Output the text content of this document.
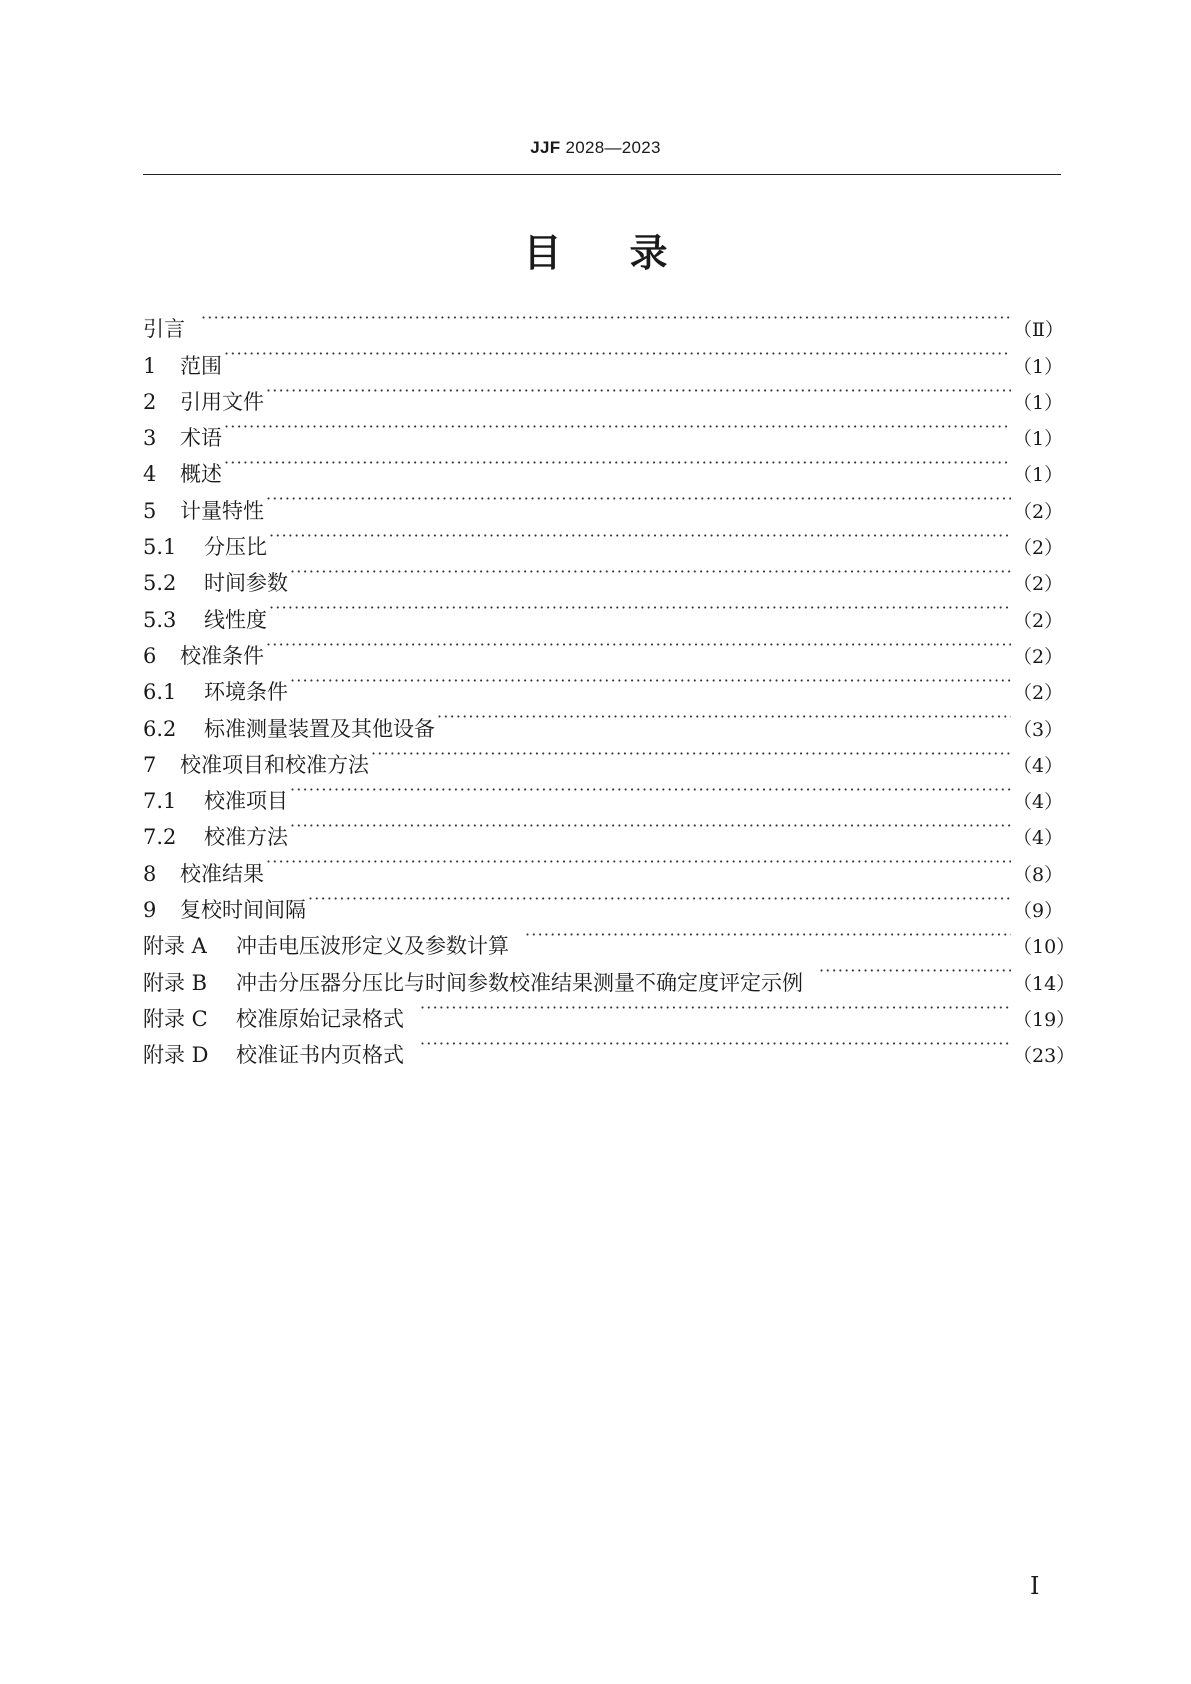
JJF 2028—2023
目录
引言 ·····	（Ⅱ）
1	范围 ·····	（1）
2	引用文件 ·····	（1）
3	术语 ·····	（1）
4	概述 ·····	（1）
5	计量特性 ·····	（2）
5.1	分压比 ·····	（2）
5.2	时间参数 ·····	（2）
5.3	线性度 ·····	（2）
6	校准条件 ·····	（2）
6.1	环境条件 ·····	（2）
6.2	标准测量装置及其他设备 ·····	（3）
7	校准项目和校准方法 ·····	（4）
7.1	校准项目 ·····	（4）
7.2	校准方法 ·····	（4）
8	校准结果 ·····	（8）
9	复校时间间隔 ·····	（9）
附录 A	冲击电压波形定义及参数计算 ·····	（10）
附录 B	冲击分压器分压比与时间参数校准结果测量不确定度评定示例 ·····	（14）
附录 C	校准原始记录格式 ·····	（19）
附录 D	校准证书内页格式 ·····	（23）
Ⅰ
